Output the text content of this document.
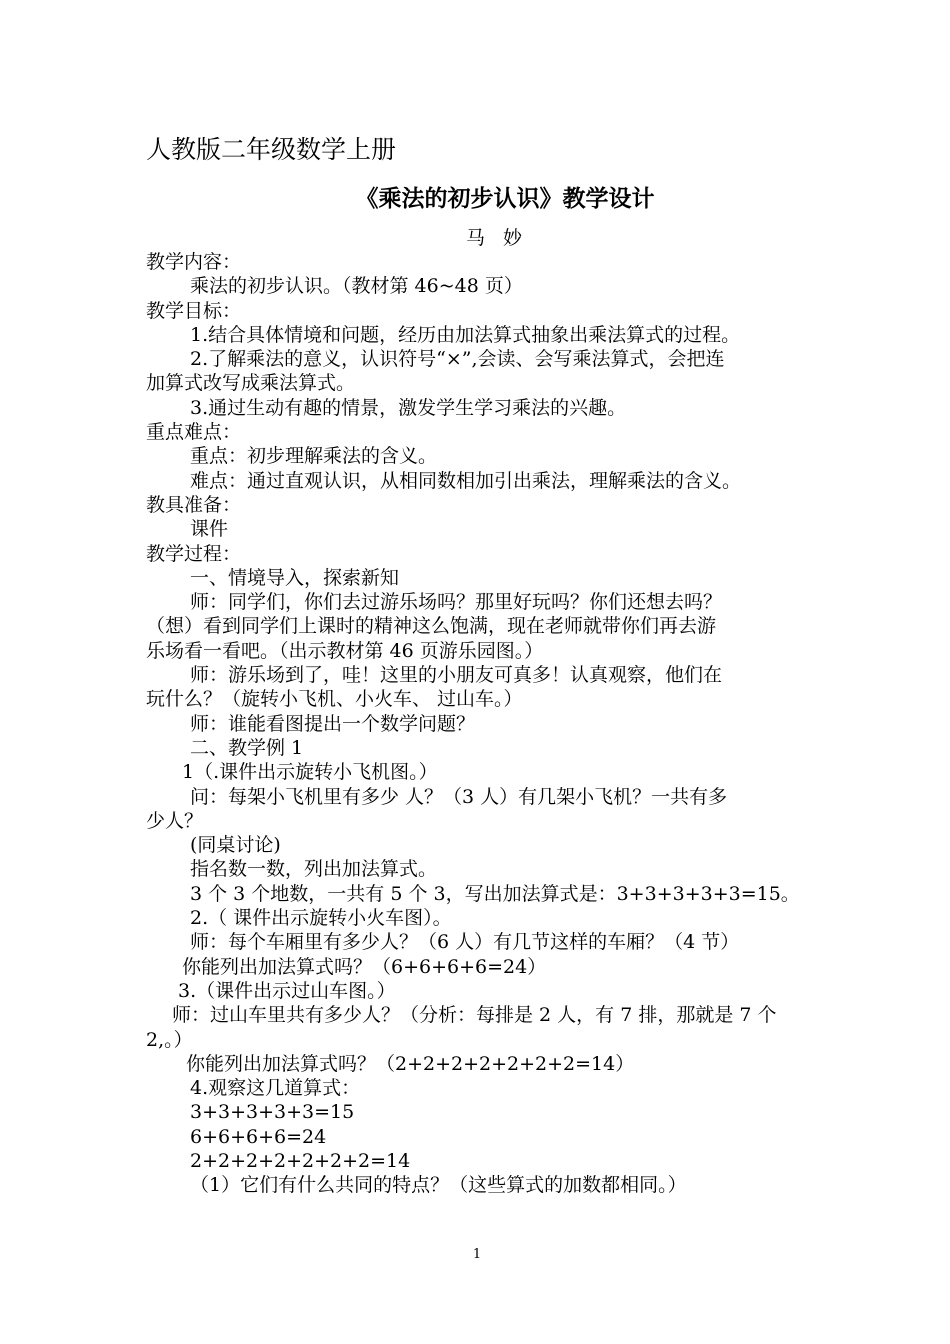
人教版二年级数学上册
《乘法的初步认识》教学设计
马 妙
教学内容：
乘法的初步认识。（教材第 46~48 页）
教学目标：
1.结合具体情境和问题，经历由加法算式抽象出乘法算式的过程。
2.了解乘法的意义，认识符号“×”,会读、会写乘法算式，会把连
加算式改写成乘法算式。
3.通过生动有趣的情景，激发学生学习乘法的兴趣。
重点难点：
重点：初步理解乘法的含义。
难点：通过直观认识，从相同数相加引出乘法，理解乘法的含义。
教具准备：
课件
教学过程：
一、情境导入，探索新知
师：同学们，你们去过游乐场吗？那里好玩吗？你们还想去吗？
（想）看到同学们上课时的精神这么饱满，现在老师就带你们再去游
乐场看一看吧。（出示教材第 46 页游乐园图。）
师：游乐场到了，哇！这里的小朋友可真多！认真观察，他们在
玩什么？（旋转小飞机、小火车、 过山车。）
师：谁能看图提出一个数学问题？
二、教学例 1
1（.课件出示旋转小飞机图。）
问：每架小飞机里有多少 人？（3 人）有几架小飞机？一共有多
少人？
(同桌讨论)
指名数一数，列出加法算式。
3 个 3 个地数，一共有 5 个 3，写出加法算式是：3+3+3+3+3=15。
2.（ 课件出示旋转小火车图）。
师：每个车厢里有多少人？（6 人）有几节这样的车厢？（4 节）
你能列出加法算式吗？（6+6+6+6=24）
3.（课件出示过山车图。）
师：过山车里共有多少人？（分析：每排是 2 人，有 7 排，那就是 7 个
2,。）
你能列出加法算式吗？（2+2+2+2+2+2+2=14）
4.观察这几道算式：
3+3+3+3+3=15
6+6+6+6=24
2+2+2+2+2+2+2=14
（1）它们有什么共同的特点？（这些算式的加数都相同。）
1
